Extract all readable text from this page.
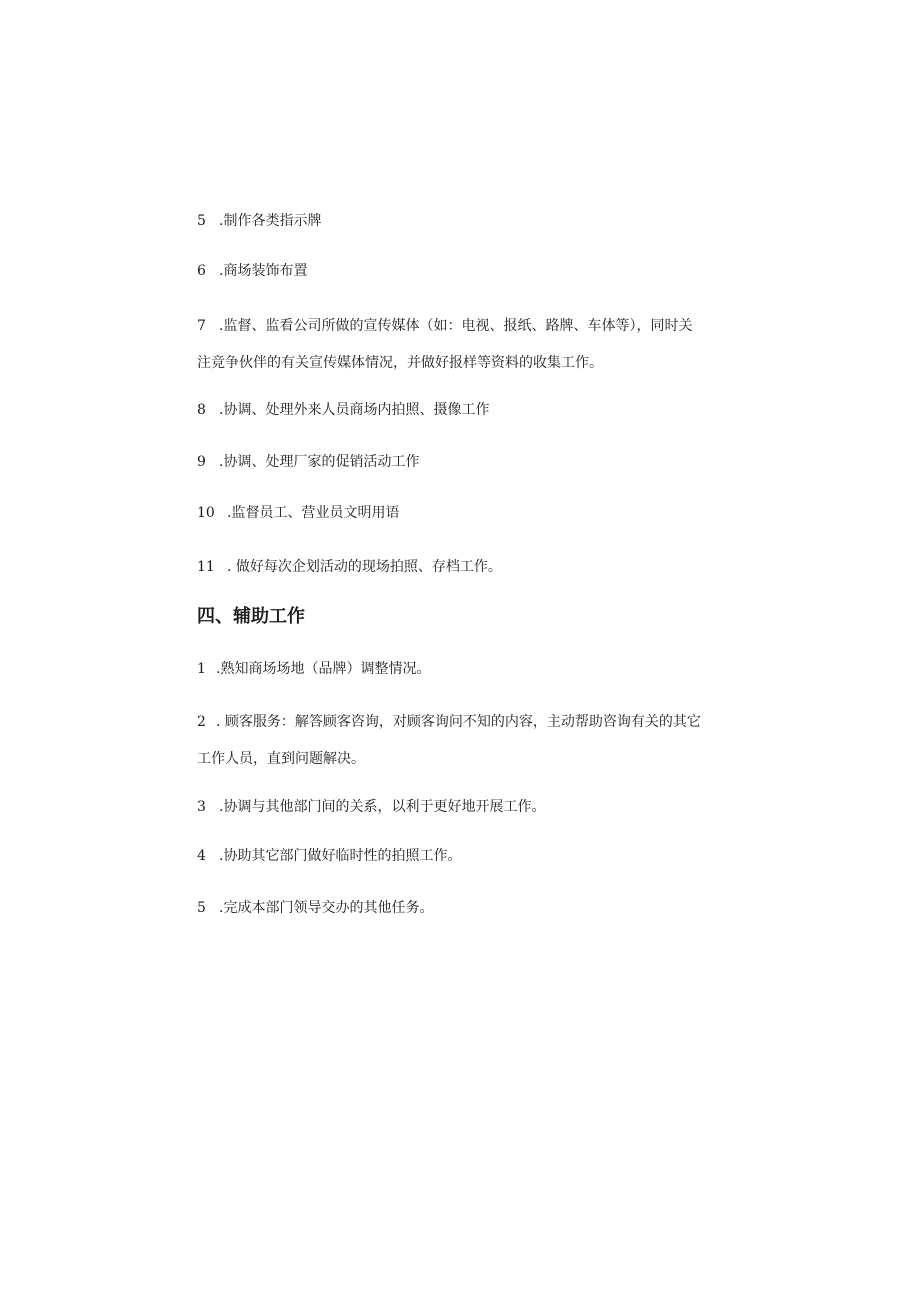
5 .制作各类指示牌
6 .商场装饰布置
7 .监督、监看公司所做的宣传媒体（如：电视、报纸、路牌、车体等），同时关
注竞争伙伴的有关宣传媒体情况，并做好报样等资料的收集工作。
8 .协调、处理外来人员商场内拍照、摄像工作
9 .协调、处理厂家的促销活动工作
10 .监督员工、营业员文明用语
11 . 做好每次企划活动的现场拍照、存档工作。
四、辅助工作
1 .熟知商场场地（品牌）调整情况。
2 . 顾客服务：解答顾客咨询，对顾客询问不知的内容，主动帮助咨询有关的其它
工作人员，直到问题解决。
3 .协调与其他部门间的关系，以利于更好地开展工作。
4 .协助其它部门做好临时性的拍照工作。
5 .完成本部门领导交办的其他任务。
